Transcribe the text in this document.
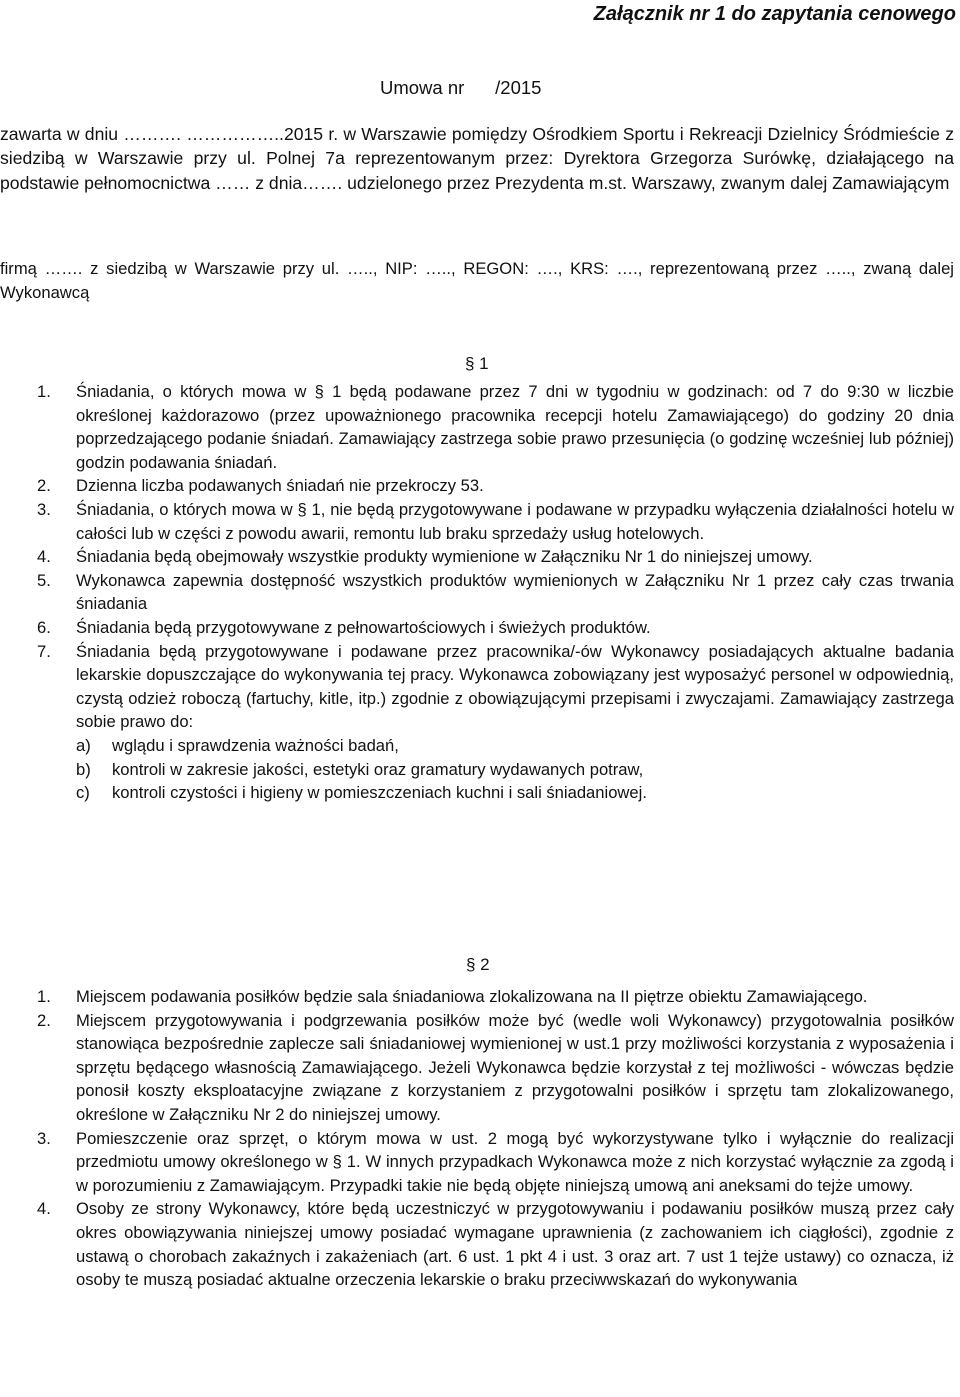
Załącznik nr 1 do zapytania cenowego
Umowa nr      /2015
zawarta w dniu ………. ……………..2015 r. w Warszawie pomiędzy Ośrodkiem Sportu i Rekreacji Dzielnicy Śródmieście z siedzibą w Warszawie przy ul. Polnej 7a reprezentowanym przez: Dyrektora Grzegorza Surówkę, działającego na podstawie pełnomocnictwa …… z dnia……. udzielonego przez Prezydenta m.st. Warszawy, zwanym dalej Zamawiającym
firmą ……. z siedzibą w Warszawie przy ul. ….., NIP: ….., REGON: …., KRS: …., reprezentowaną przez ….., zwaną dalej Wykonawcą
§ 1
1. Śniadania, o których mowa w § 1 będą podawane przez 7 dni w tygodniu w godzinach: od 7 do 9:30 w liczbie określonej każdorazowo (przez upoważnionego pracownika recepcji hotelu Zamawiającego) do godziny 20 dnia poprzedzającego podanie śniadań. Zamawiający zastrzega sobie prawo przesunięcia (o godzinę wcześniej lub później) godzin podawania śniadań.
2. Dzienna liczba podawanych śniadań nie przekroczy 53.
3. Śniadania, o których mowa w § 1, nie będą przygotowywane i podawane w przypadku wyłączenia działalności hotelu w całości lub w części z powodu awarii, remontu lub braku sprzedaży usług hotelowych.
4. Śniadania będą obejmowały wszystkie produkty wymienione w Załączniku Nr 1 do niniejszej umowy.
5. Wykonawca zapewnia dostępność wszystkich produktów wymienionych w Załączniku Nr 1 przez cały czas trwania śniadania
6. Śniadania będą przygotowywane z pełnowartościowych i świeżych produktów.
7. Śniadania będą przygotowywane i podawane przez pracownika/-ów Wykonawcy posiadających aktualne badania lekarskie dopuszczające do wykonywania tej pracy. Wykonawca zobowiązany jest wyposażyć personel w odpowiednią, czystą odzież roboczą (fartuchy, kitle, itp.) zgodnie z obowiązującymi przepisami i zwyczajami. Zamawiający zastrzega sobie prawo do:
a) wglądu i sprawdzenia ważności badań,
b) kontroli w zakresie jakości, estetyki oraz gramatury wydawanych potraw,
c) kontroli czystości i higieny w pomieszczeniach kuchni i sali śniadaniowej.
§ 2
1. Miejscem podawania posiłków będzie sala śniadaniowa zlokalizowana na II piętrze obiektu Zamawiającego.
2. Miejscem przygotowywania i podgrzewania posiłków może być (wedle woli Wykonawcy) przygotowalnia posiłków stanowiąca bezpośrednie zaplecze sali śniadaniowej wymienionej w ust.1 przy możliwości korzystania z wyposażenia i sprzętu będącego własnością Zamawiającego. Jeżeli Wykonawca będzie korzystał z tej możliwości - wówczas będzie ponosił koszty eksploatacyjne związane z korzystaniem z przygotowalni posiłków i sprzętu tam zlokalizowanego, określone w Załączniku Nr 2 do niniejszej umowy.
3. Pomieszczenie oraz sprzęt, o którym mowa w ust. 2 mogą być wykorzystywane tylko i wyłącznie do realizacji przedmiotu umowy określonego w § 1. W innych przypadkach Wykonawca może z nich korzystać wyłącznie za zgodą i w porozumieniu z Zamawiającym. Przypadki takie nie będą objęte niniejszą umową ani aneksami do tejże umowy.
4. Osoby ze strony Wykonawcy, które będą uczestniczyć w przygotowywaniu i podawaniu posiłków muszą przez cały okres obowiązywania niniejszej umowy posiadać wymagane uprawnienia (z zachowaniem ich ciągłości), zgodnie z ustawą o chorobach zakaźnych i zakażeniach (art. 6 ust. 1 pkt 4 i ust. 3 oraz art. 7 ust 1 tejże ustawy) co oznacza, iż osoby te muszą posiadać aktualne orzeczenia lekarskie o braku przeciwwskazań do wykonywania
